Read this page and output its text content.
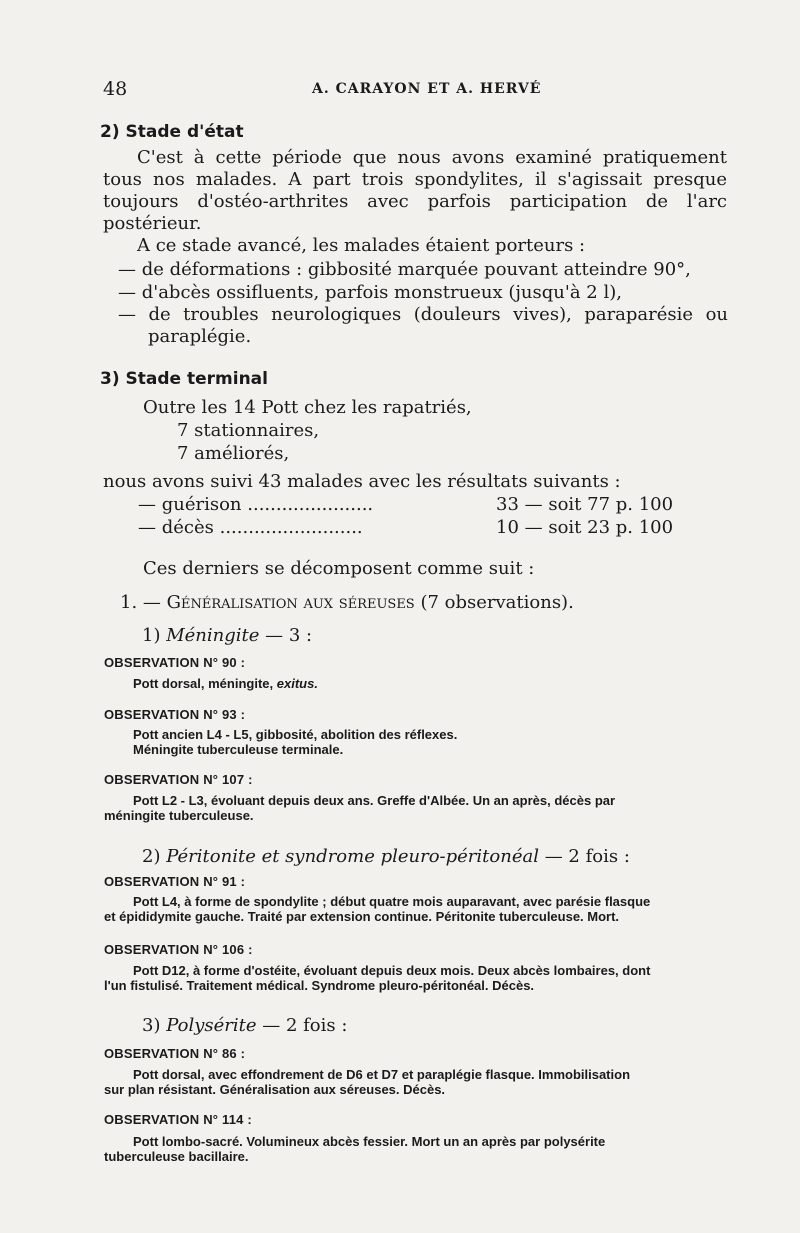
48	A. CARAYON ET A. HERVÉ
2) Stade d'état
C'est à cette période que nous avons examiné pratiquement
tous nos malades. A part trois spondylites, il s'agissait presque
toujours d'ostéo-arthrites avec parfois participation de l'arc
postérieur.
A ce stade avancé, les malades étaient porteurs :
— de déformations : gibbosité marquée pouvant atteindre 90°,
— d'abcès ossifluents, parfois monstrueux (jusqu'à 2 l),
— de troubles neurologiques (douleurs vives), paraparésie ou
paraplégie.
3) Stade terminal
Outre les 14 Pott chez les rapatriés,
7 stationnaires,
7 améliorés,
nous avons suivi 43 malades avec les résultats suivants :
— guérison ......................	33 — soit 77 p. 100
— décès .........................	10 — soit 23 p. 100
Ces derniers se décomposent comme suit :
1. — Généralisation aux séreuses (7 observations).
1) Méningite — 3 :
OBSERVATION N° 90 :
Pott dorsal, méningite, exitus.
OBSERVATION N° 93 :
Pott ancien L4 - L5, gibbosité, abolition des réflexes.
Méningite tuberculeuse terminale.
OBSERVATION N° 107 :
Pott L2 - L3, évoluant depuis deux ans. Greffe d'Albée. Un an après, décès par
méningite tuberculeuse.
2) Péritonite et syndrome pleuro-péritonéal — 2 fois :
OBSERVATION N° 91 :
Pott L4, à forme de spondylite ; début quatre mois auparavant, avec parésie flasque
et épididymite gauche. Traité par extension continue. Péritonite tuberculeuse. Mort.
OBSERVATION N° 106 :
Pott D12, à forme d'ostéite, évoluant depuis deux mois. Deux abcès lombaires, dont
l'un fistulisé. Traitement médical. Syndrome pleuro-péritonéal. Décès.
3) Polysérite — 2 fois :
OBSERVATION N° 86 :
Pott dorsal, avec effondrement de D6 et D7 et paraplégie flasque. Immobilisation
sur plan résistant. Généralisation aux séreuses. Décès.
OBSERVATION N° 114 :
Pott lombo-sacré. Volumineux abcès fessier. Mort un an après par polysérite
tuberculeuse bacillaire.
